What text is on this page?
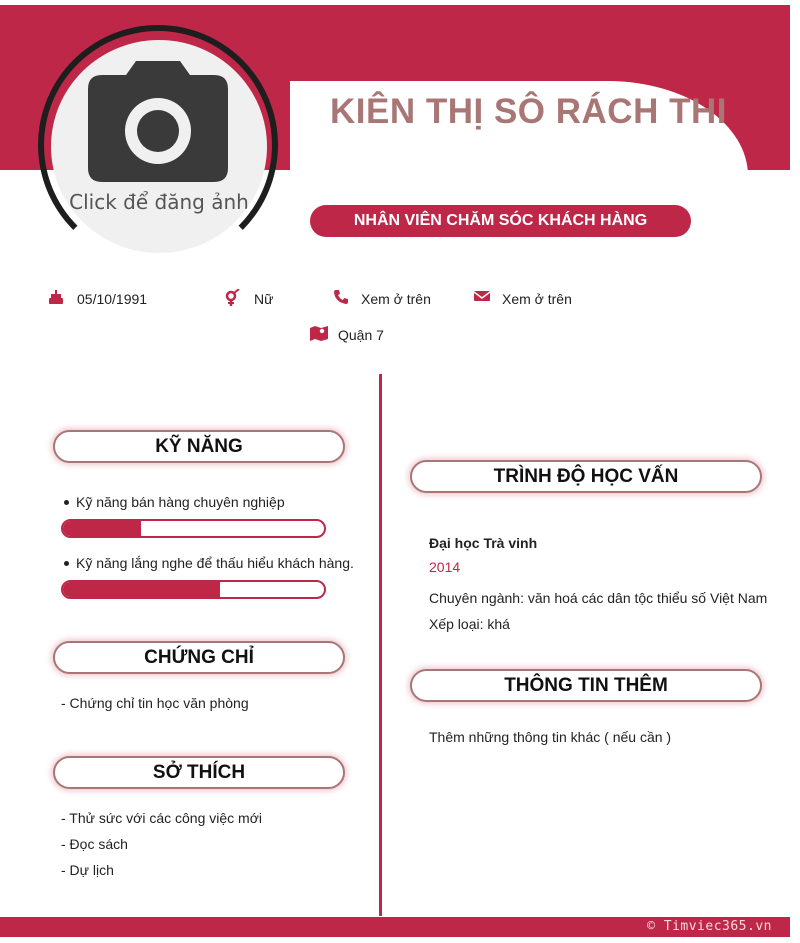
Click để đăng ảnh
KIÊN THỊ SÔ RÁCH THI
NHÂN VIÊN CHĂM SÓC KHÁCH HÀNG
05/10/1991	Nữ	Xem ở trên	Xem ở trên
Quận 7
KỸ NĂNG
Kỹ năng bán hàng chuyên nghiệp
Kỹ năng lắng nghe để thấu hiểu khách hàng.
CHỨNG CHỈ
- Chứng chỉ tin học văn phòng
SỞ THÍCH
- Thử sức với các công việc mới
- Đọc sách
- Dự lịch
TRÌNH ĐỘ HỌC VẤN
Đại học Trà vinh
2014
Chuyên ngành: văn hoá các dân tộc thiểu số Việt Nam
Xếp loại: khá
THÔNG TIN THÊM
Thêm những thông tin khác ( nếu cần )
© Timviec365.vn
